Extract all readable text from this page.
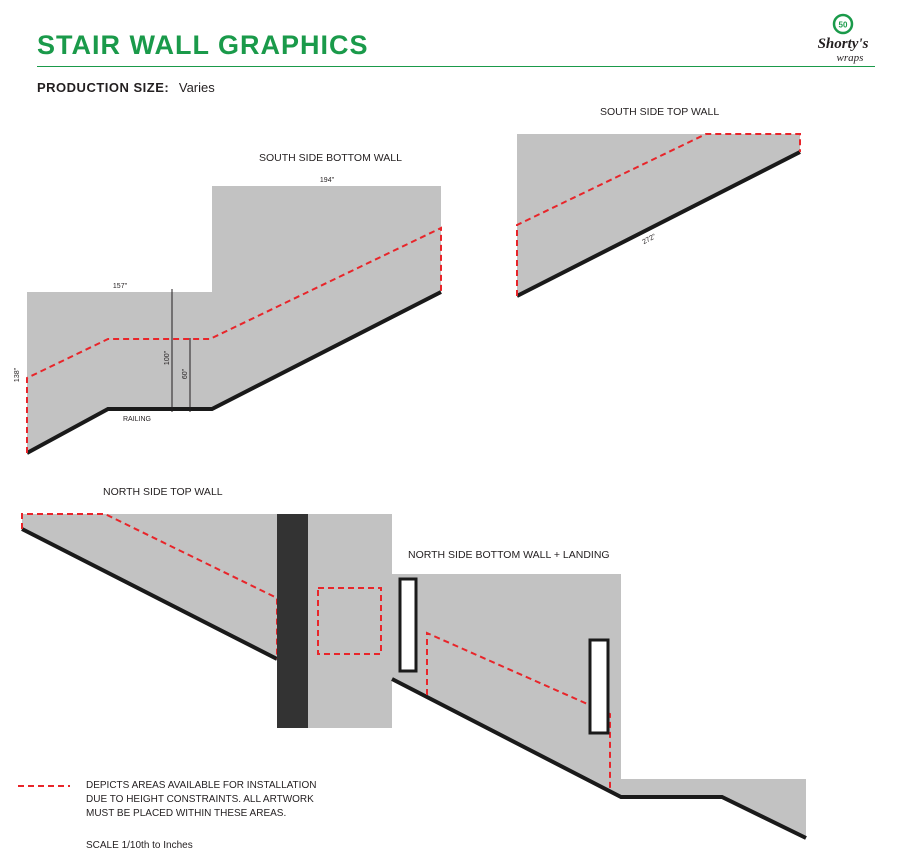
STAIR WALL GRAPHICS
50
Shorty's
wraps
PRODUCTION SIZE: Varies
SOUTH SIDE BOTTOM WALL
SOUTH SIDE TOP WALL
NORTH SIDE TOP WALL
NORTH SIDE BOTTOM WALL + LANDING
194"
157"
138"
100"
60"
RAILING
272"
DEPICTS AREAS AVAILABLE FOR INSTALLATION
DUE TO HEIGHT CONSTRAINTS. ALL ARTWORK
MUST BE PLACED WITHIN THESE AREAS.
SCALE 1/10th to Inches
